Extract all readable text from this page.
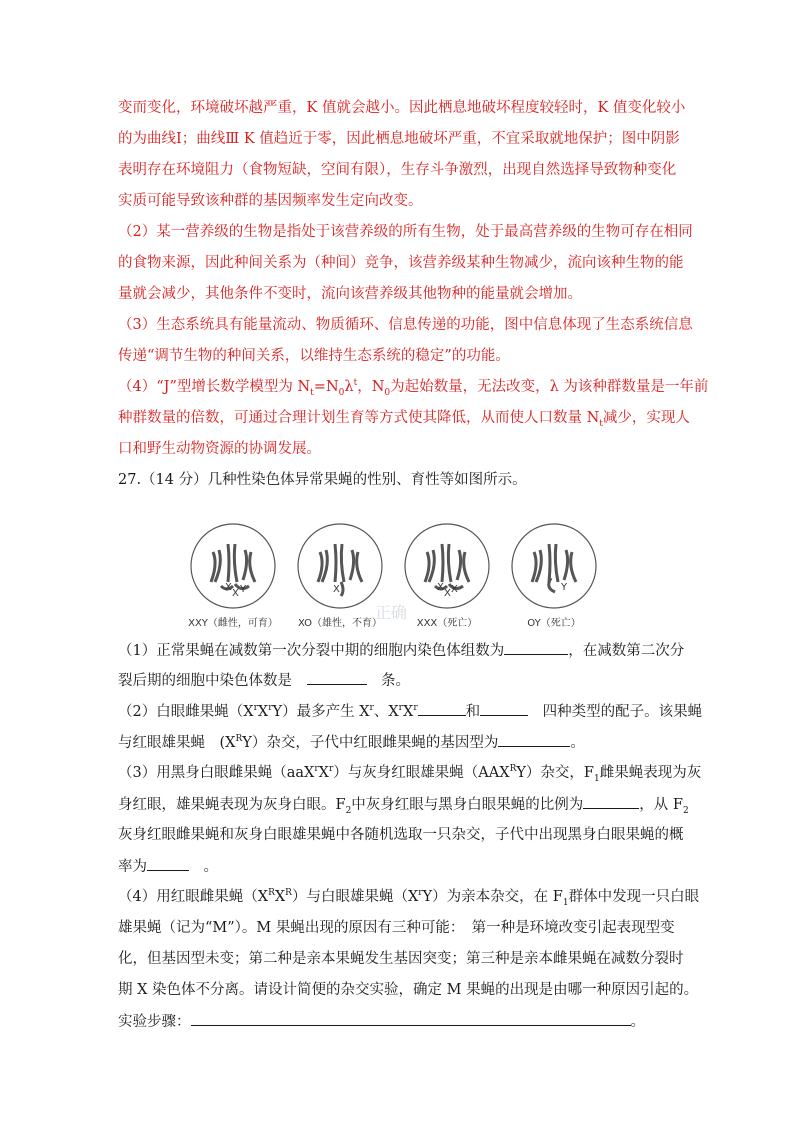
变而变化，环境破坏越严重，K 值就会越小。因此栖息地破坏程度较轻时，K 值变化较小
的为曲线Ⅰ；曲线Ⅲ K 值趋近于零，因此栖息地破坏严重，不宜采取就地保护；图中阴影
表明存在环境阻力（食物短缺，空间有限），生存斗争激烈，出现自然选择导致物种变化
实质可能导致该种群的基因频率发生定向改变。
（2）某一营养级的生物是指处于该营养级的所有生物，处于最高营养级的生物可存在相同
的食物来源，因此种间关系为（种间）竞争，该营养级某种生物减少，流向该种生物的能
量就会减少，其他条件不变时，流向该营养级其他物种的能量就会增加。
（3）生态系统具有能量流动、物质循环、信息传递的功能，图中信息体现了生态系统信息
传递“调节生物的种间关系，以维持生态系统的稳定”的功能。
（4）“J”型增长数学模型为 $N_t=N_0\lambda^t$，$N_0$为起始数量，无法改变，λ 为该种群数量是一年前
种群数量的倍数，可通过合理计划生育等方式使其降低，从而使人口数量 $N_t$减少，实现人
口和野生动物资源的协调发展。
27.（14 分）几种性染色体异常果蝇的性别、育性等如图所示。
X
X Y	X	X
X X	Y
正确
XXY（雌性，可育） XO（雄性，不育）	XXX（死亡）	OY（死亡）
（1）正常果蝇在减数第一次分裂中期的细胞内染色体组数为	，在减数第二次分
裂后期的细胞中染色体数是　　	条。
（2）白眼雌果蝇$(X^rX^rY)$最多产生 $X^r$、$X^rX^r$	和　	四种类型的配子。该果蝇
与红眼雄果蝇　$(X^RY)$杂交，子代中红眼雌果蝇的基因型为	。
（3）用黑身白眼雌果蝇$(aaX^rX^r)$与灰身红眼雄果蝇$(AAX^RY)$杂交，$F_1$雌果蝇表现为灰
身红眼，雄果蝇表现为灰身白眼。$F_2$中灰身红眼与黑身白眼果蝇的比例为	，从 $F_2$
灰身红眼雌果蝇和灰身白眼雄果蝇中各随机选取一只杂交，子代中出现黑身白眼果蝇的概
率为　	。
（4）用红眼雌果蝇$(X^RX^R)$与白眼雄果蝇$(X^rY)$为亲本杂交，在 $F_1$群体中发现一只白眼
雄果蝇（记为“M”）。M 果蝇出现的原因有三种可能：　第一种是环境改变引起表现型变
化，但基因型未变；第二种是亲本果蝇发生基因突变；第三种是亲本雌果蝇在减数分裂时
期 X 染色体不分离。请设计简便的杂交实验，确定 M 果蝇的出现是由哪一种原因引起的。
实验步骤：	。
